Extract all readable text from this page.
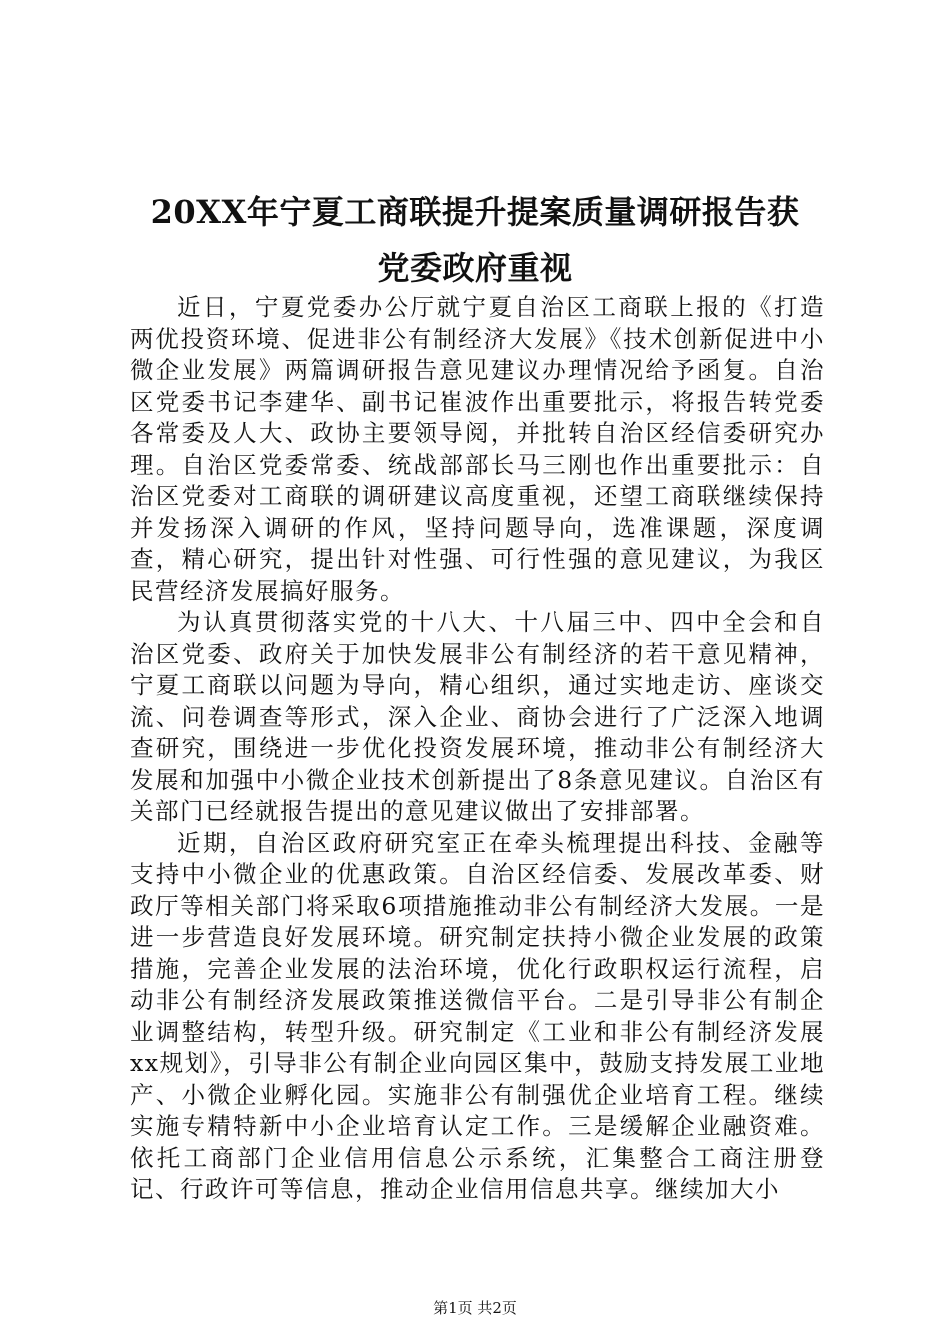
20XX年宁夏工商联提升提案质量调研报告获
党委政府重视

近日，宁夏党委办公厅就宁夏自治区工商联上报的《打造两优投资环境、促进非公有制经济大发展》《技术创新促进中小微企业发展》两篇调研报告意见建议办理情况给予函复。自治区党委书记李建华、副书记崔波作出重要批示，将报告转党委各常委及人大、政协主要领导阅，并批转自治区经信委研究办理。自治区党委常委、统战部部长马三刚也作出重要批示：自治区党委对工商联的调研建议高度重视，还望工商联继续保持并发扬深入调研的作风，坚持问题导向，选准课题，深度调查，精心研究，提出针对性强、可行性强的意见建议，为我区民营经济发展搞好服务。

为认真贯彻落实党的十八大、十八届三中、四中全会和自治区党委、政府关于加快发展非公有制经济的若干意见精神，宁夏工商联以问题为导向，精心组织，通过实地走访、座谈交流、问卷调查等形式，深入企业、商协会进行了广泛深入地调查研究，围绕进一步优化投资发展环境，推动非公有制经济大发展和加强中小微企业技术创新提出了8条意见建议。自治区有关部门已经就报告提出的意见建议做出了安排部署。

近期，自治区政府研究室正在牵头梳理提出科技、金融等支持中小微企业的优惠政策。自治区经信委、发展改革委、财政厅等相关部门将采取6项措施推动非公有制经济大发展。一是进一步营造良好发展环境。研究制定扶持小微企业发展的政策措施，完善企业发展的法治环境，优化行政职权运行流程，启动非公有制经济发展政策推送微信平台。二是引导非公有制企业调整结构，转型升级。研究制定《工业和非公有制经济发展xx规划》，引导非公有制企业向园区集中，鼓励支持发展工业地产、小微企业孵化园。实施非公有制强优企业培育工程。继续实施专精特新中小企业培育认定工作。三是缓解企业融资难。依托工商部门企业信用信息公示系统，汇集整合工商注册登记、行政许可等信息，推动企业信用信息共享。继续加大小

第1页 共2页
